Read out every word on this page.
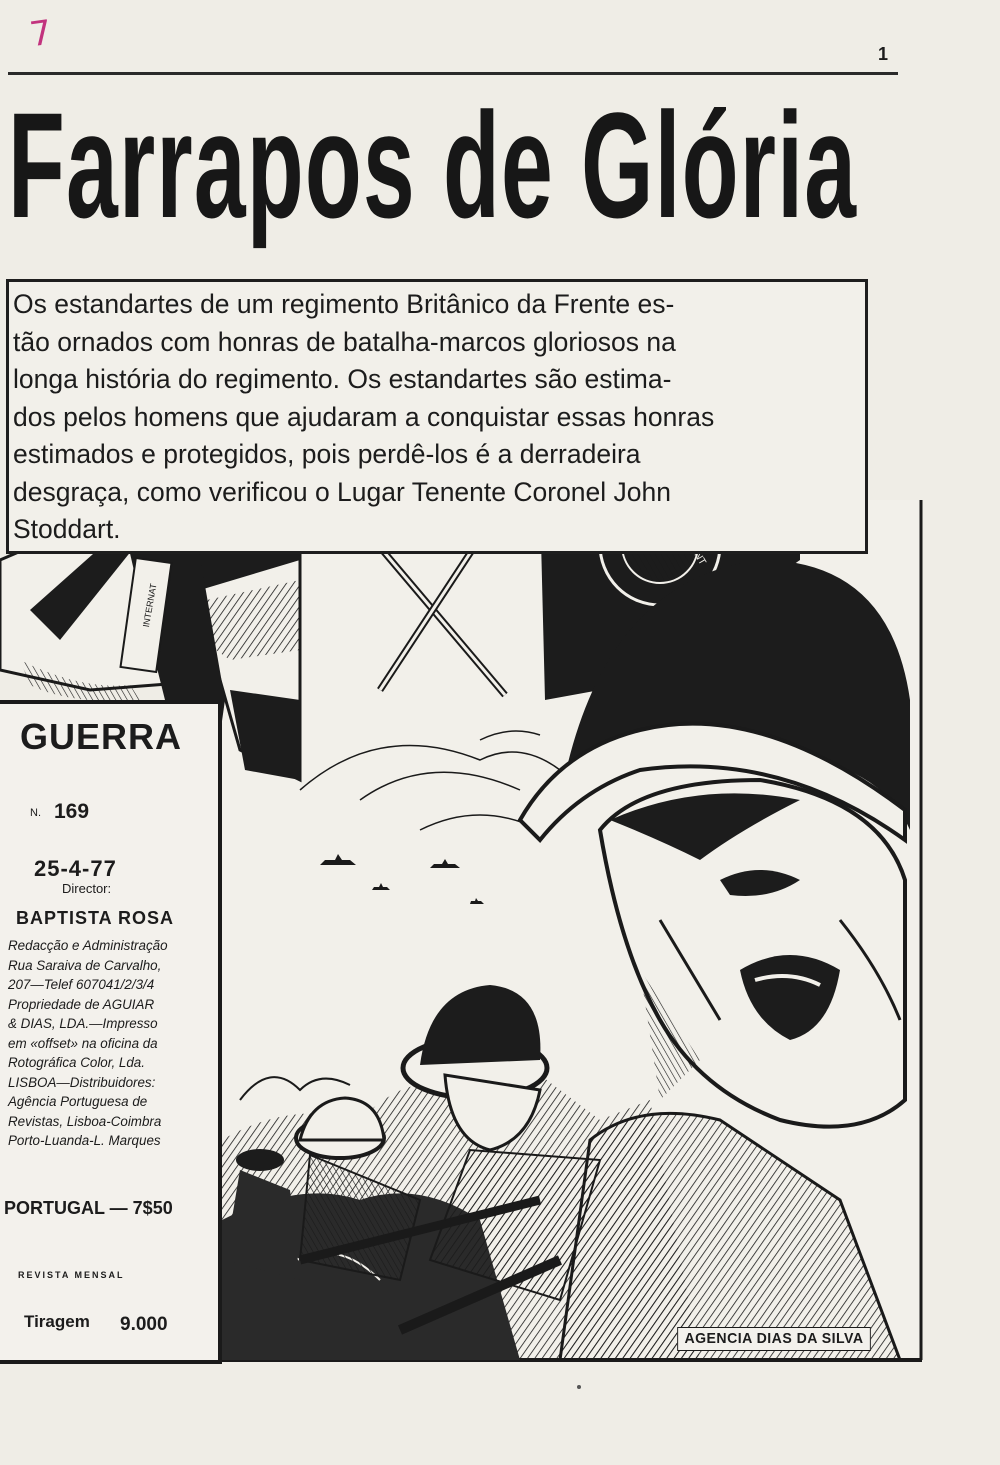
7	1
Farrapos de Glória
Os estandartes de um regimento Britânico da Frente es-
tão ornados com honras de batalha-marcos gloriosos na
longa história do regimento. Os estandartes são estima-
dos pelos homens que ajudaram a conquistar essas honras
estimados e protegidos, pois perdê-los é a derradeira
desgraça, como verificou o Lugar Tenente Coronel John
Stoddart.
INTERNAT
GUERRA
N. 169
25-4-77
Director:
BAPTISTA ROSA
Redacção e Administração
Rua Saraiva de Carvalho,
207—Telef 607041/2/3/4
Propriedade de AGUIAR
& DIAS, LDA.—Impresso
em «offset» na oficina da
Rotográfica Color, Lda.
LISBOA—Distribuidores:
Agência Portuguesa de
Revistas, Lisboa-Coimbra
Porto-Luanda-L. Marques
PORTUGAL — 7$50
REVISTA MENSAL
Tiragem 9.000
AGENCIA DIAS DA SILVA
